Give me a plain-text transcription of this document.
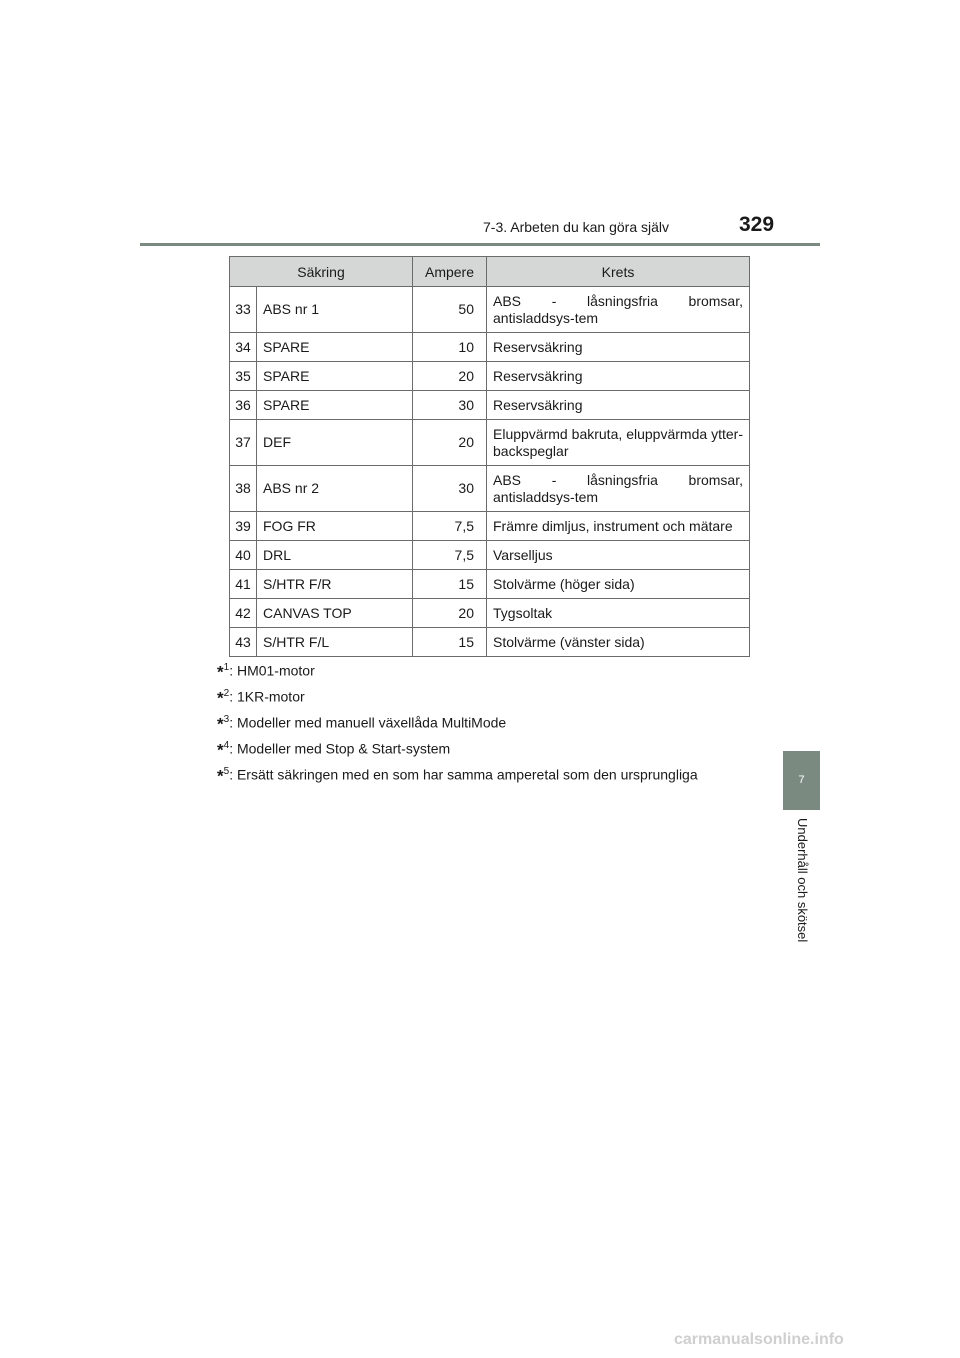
7-3. Arbeten du kan göra själv	329
Säkring		Ampere	Krets
33	ABS nr 1	50	ABS - låsningsfria bromsar, antisladdsys-tem
34	SPARE	10	Reservsäkring
35	SPARE	20	Reservsäkring
36	SPARE	30	Reservsäkring
37	DEF	20	Eluppvärmd bakruta, eluppvärmda ytter-backspeglar
38	ABS nr 2	30	ABS - låsningsfria bromsar, antisladdsys-tem
39	FOG FR	7,5	Främre dimljus, instrument och mätare
40	DRL	7,5	Varselljus
41	S/HTR F/R	15	Stolvärme (höger sida)
42	CANVAS TOP	20	Tygsoltak
43	S/HTR F/L	15	Stolvärme (vänster sida)
*$^1$: HM01-motor
*$^2$: 1KR-motor
*$^3$: Modeller med manuell växellåda MultiMode
*$^4$: Modeller med Stop & Start-system
*$^5$: Ersätt säkringen med en som har samma amperetal som den ursprungliga	7
Underhåll och skötsel
carmanualsonline.info
